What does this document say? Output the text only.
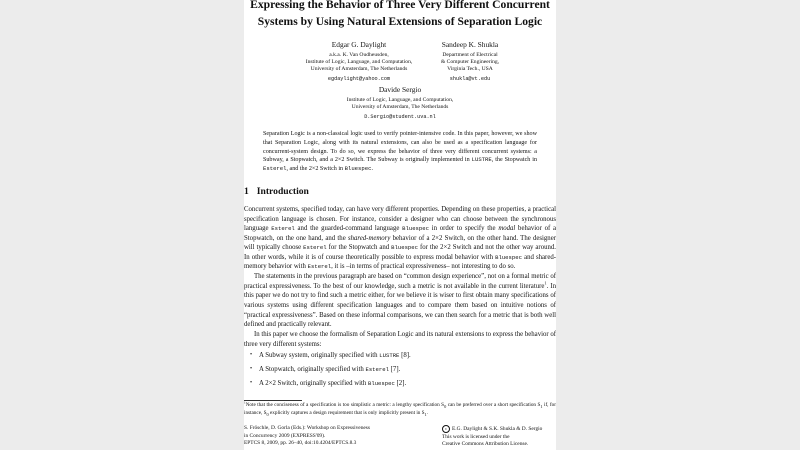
Expressing the Behavior of Three Very Different Concurrent
Systems by Using Natural Extensions of Separation Logic
Edgar G. Daylight
a.k.a. K. Van Oudheusden,
Institute of Logic, Language, and Computation,
University of Amsterdam, The Netherlands
egdaylight@yahoo.com
Sandeep K. Shukla
Department of Electrical
& Computer Engineering,
Virginia Tech., USA
shukla@vt.edu
Davide Sergio
Institute of Logic, Language, and Computation,
University of Amsterdam, The Netherlands
D.Sergio@student.uva.nl
Separation Logic is a non-classical logic used to verify pointer-intensive code. In this paper, however, we show that Separation Logic, along with its natural extensions, can also be used as a specification language for concurrent-system design. To do so, we express the behavior of three very different concurrent systems: a Subway, a Stopwatch, and a 2×2 Switch. The Subway is originally implemented in LUSTRE, the Stopwatch in Esterel, and the 2×2 Switch in Bluespec.
1 Introduction

Concurrent systems, specified today, can have very different properties. Depending on these properties, a practical specification language is chosen. For instance, consider a designer who can choose between the synchronous language Esterel and the guarded-command language Bluespec in order to specify the modal behavior of a Stopwatch, on the one hand, and the shared-memory behavior of a 2×2 Switch, on the other hand. The designer will typically choose Esterel for the Stopwatch and Bluespec for the 2×2 Switch and not the other way around. In other words, while it is of course theoretically possible to express modal behavior with Bluespec and shared-memory behavior with Esterel, it is –in terms of practical expressiveness– not interesting to do so.

The statements in the previous paragraph are based on “common design experience”, not on a formal metric of practical expressiveness. To the best of our knowledge, such a metric is not available in the current literature$^1$. In this paper we do not try to find such a metric either, for we believe it is wiser to first obtain many specifications of various systems using different specification languages and to compare them based on intuitive notions of “practical expressiveness”. Based on these informal comparisons, we can then search for a metric that is both well defined and practically relevant.

In this paper we choose the formalism of Separation Logic and its natural extensions to express the behavior of three very different systems:

• A Subway system, originally specified with LUSTRE [8].
• A Stopwatch, originally specified with Esterel [7].
• A 2×2 Switch, originally specified with Bluespec [2].
$^1$Note that the conciseness of a specification is too simplistic a metric: a lengthy specification $S_0$ can be preferred over a short specification $S_1$ if, for instance, $S_0$ explicitly captures a design requirement that is only implicitly present in $S_1$.
S. Fröschle, D. Gorla (Eds.): Workshop on Expressiveness
in Concurrency 2009 (EXPRESS'09).
EPTCS 8, 2009, pp. 26–40, doi:10.4204/EPTCS.8.3
c E.G. Daylight & S.K. Shukla & D. Sergio
This work is licensed under the
Creative Commons Attribution License.
